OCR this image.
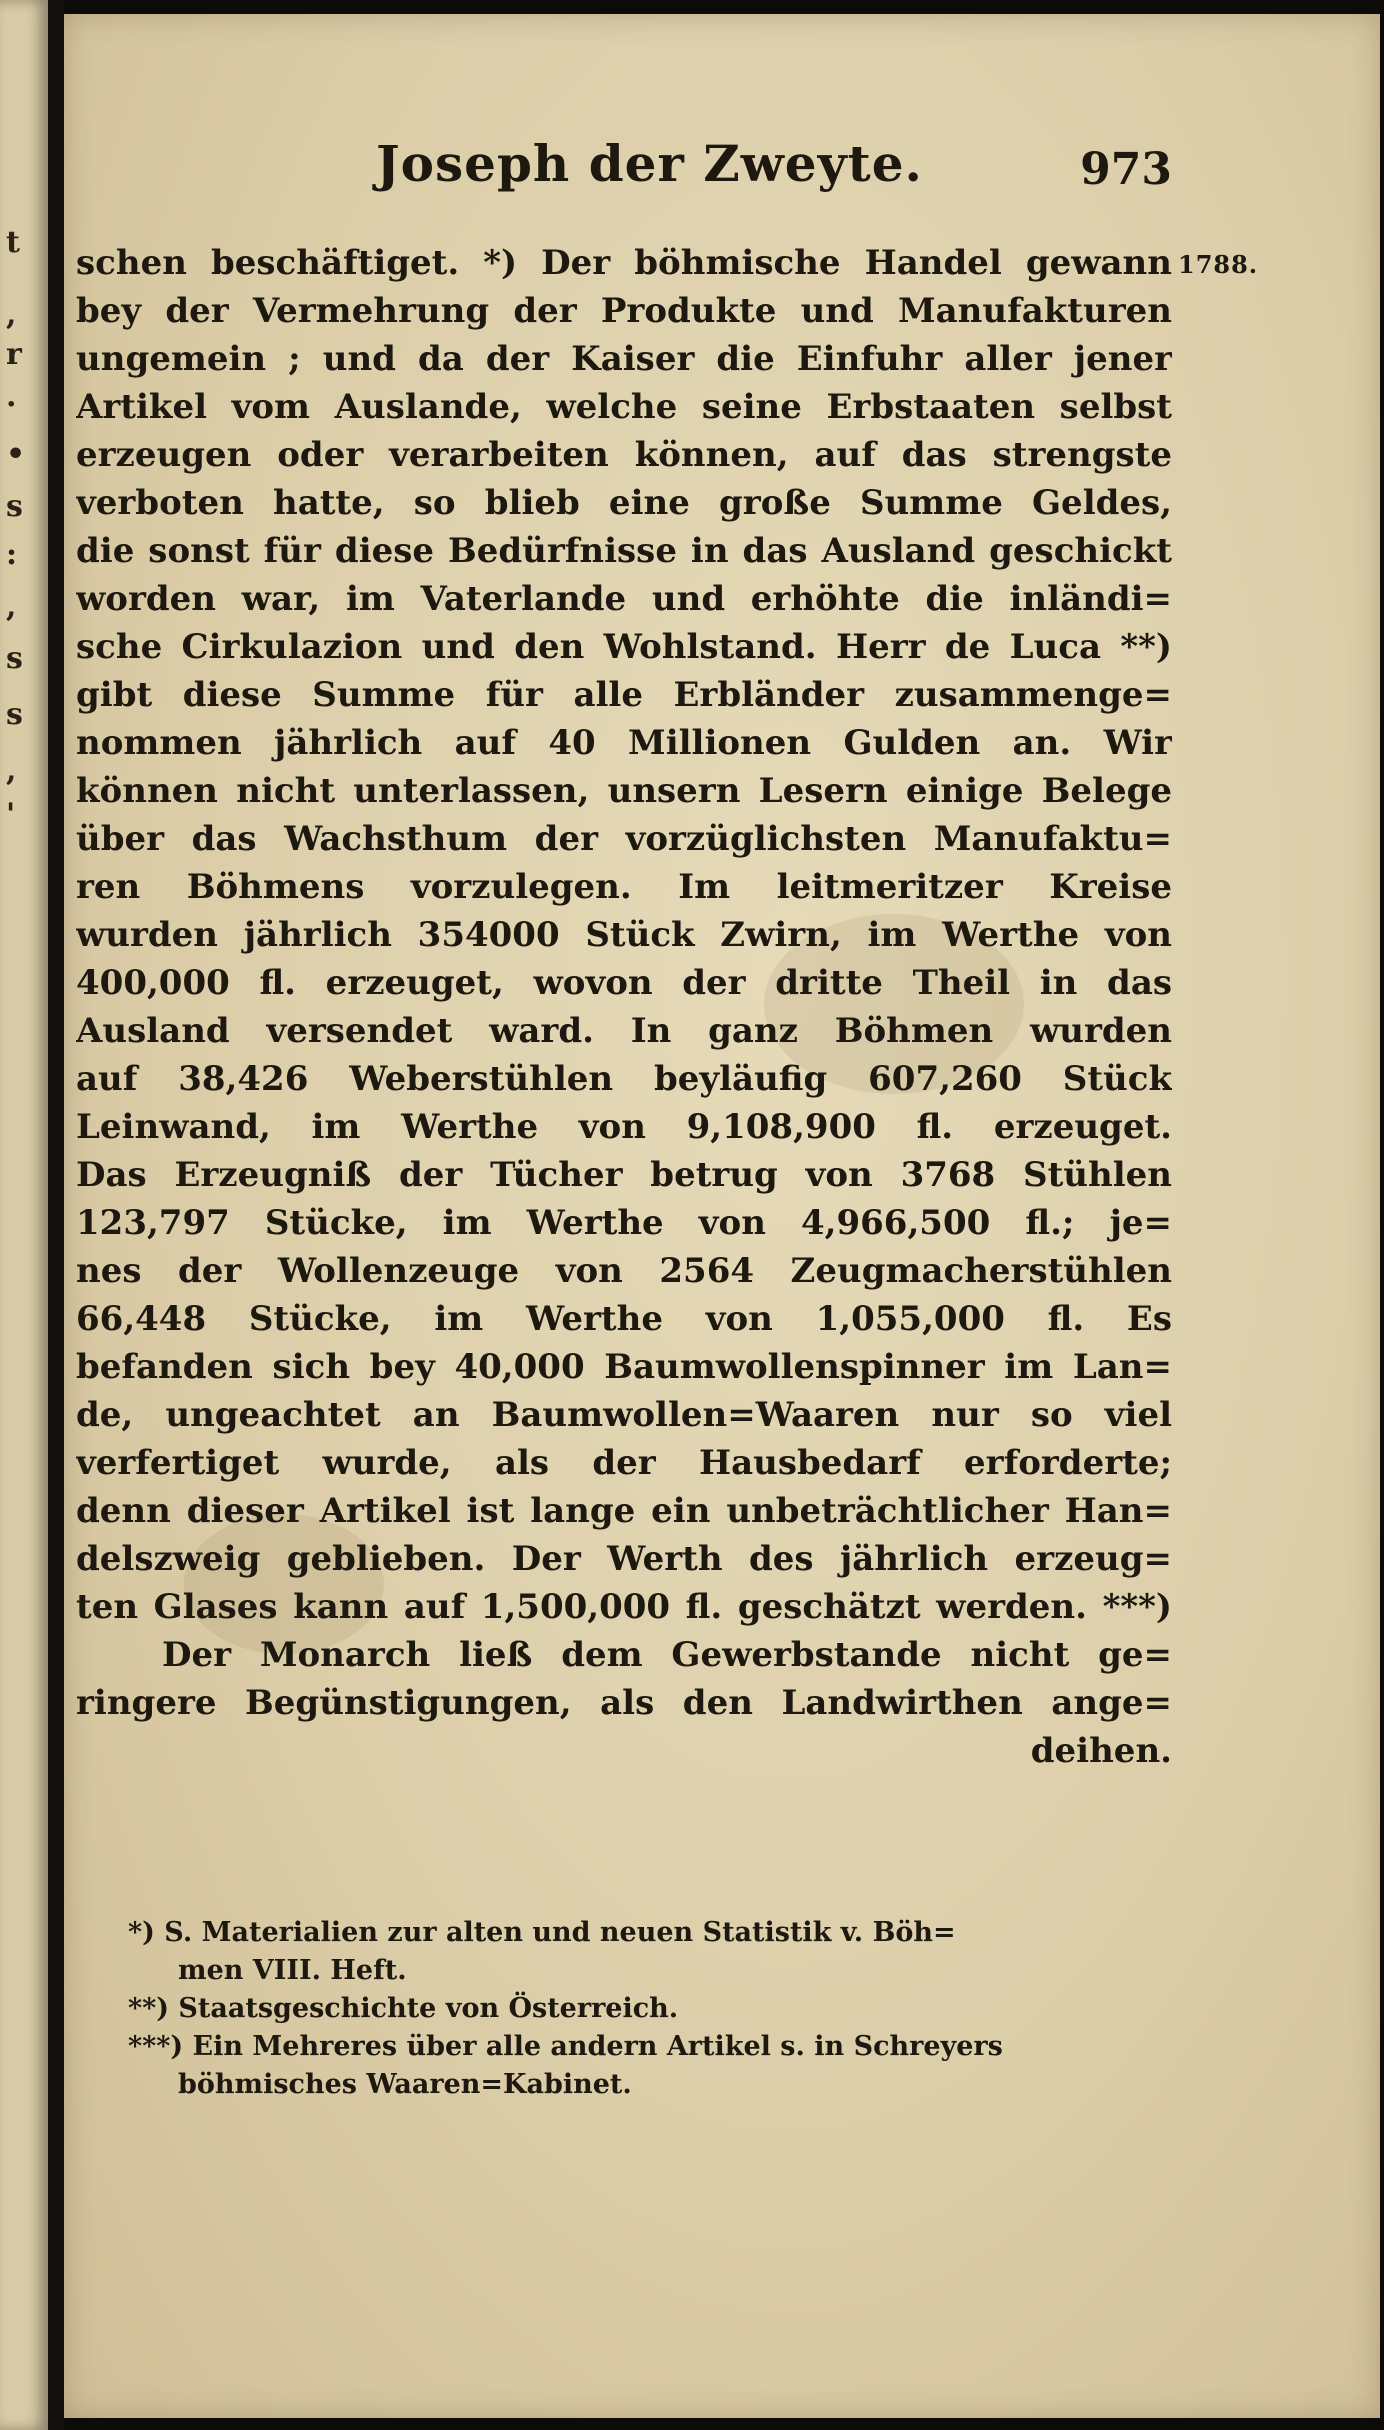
t
,
r
·
•
s
:
,
s
s
,
'
Joseph der Zweyte.	973
schen beschäftiget. *) Der böhmische Handel gewann
bey der Vermehrung der Produkte und Manufakturen
ungemein ; und da der Kaiser die Einfuhr aller jener
Artikel vom Auslande, welche seine Erbstaaten selbst
erzeugen oder verarbeiten können, auf das strengste
verboten hatte, so blieb eine große Summe Geldes,
die sonst für diese Bedürfnisse in das Ausland geschickt
worden war, im Vaterlande und erhöhte die inländi=
sche Cirkulazion und den Wohlstand. Herr de Luca **)
gibt diese Summe für alle Erbländer zusammenge=
nommen jährlich auf 40 Millionen Gulden an. Wir
können nicht unterlassen, unsern Lesern einige Belege
über das Wachsthum der vorzüglichsten Manufaktu=
ren Böhmens vorzulegen. Im leitmeritzer Kreise
wurden jährlich 354000 Stück Zwirn, im Werthe von
400,000 fl. erzeuget, wovon der dritte Theil in das
Ausland versendet ward. In ganz Böhmen wurden
auf 38,426 Weberstühlen beyläufig 607,260 Stück
Leinwand, im Werthe von 9,108,900 fl. erzeuget.
Das Erzeugniß der Tücher betrug von 3768 Stühlen
123,797 Stücke, im Werthe von 4,966,500 fl.; je=
nes der Wollenzeuge von 2564 Zeugmacherstühlen
66,448 Stücke, im Werthe von 1,055,000 fl. Es
befanden sich bey 40,000 Baumwollenspinner im Lan=
de, ungeachtet an Baumwollen=Waaren nur so viel
verfertiget wurde, als der Hausbedarf erforderte;
denn dieser Artikel ist lange ein unbeträchtlicher Han=
delszweig geblieben. Der Werth des jährlich erzeug=
ten Glases kann auf 1,500,000 fl. geschätzt werden. ***)
Der Monarch ließ dem Gewerbstande nicht ge=
ringere Begünstigungen, als den Landwirthen ange=
deihen.
*) S. Materialien zur alten und neuen Statistik v. Böh=
men VIII. Heft.
**) Staatsgeschichte von Österreich.
***) Ein Mehreres über alle andern Artikel s. in Schreyers
böhmisches Waaren=Kabinet.
1788.
